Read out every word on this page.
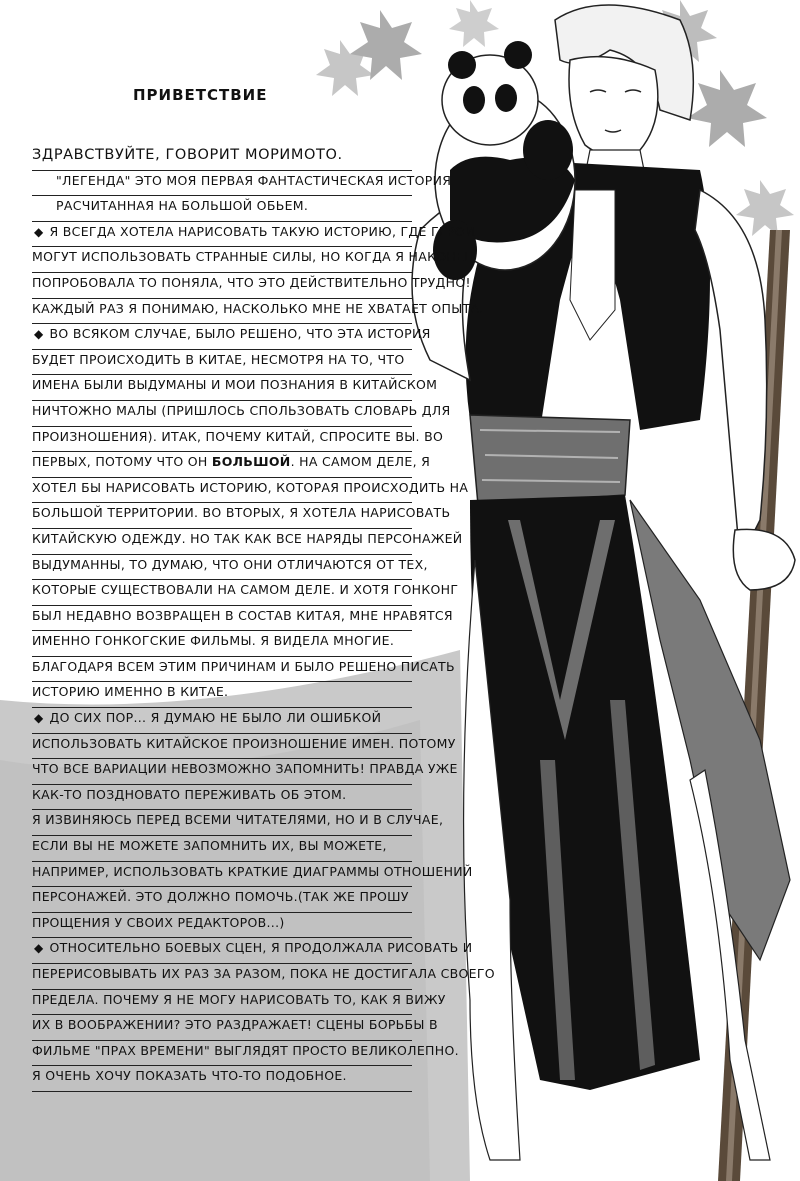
ПРИВЕТСТВИЕ
ЗДРАВСТВУЙТЕ, ГОВОРИТ МОРИМОТО.
"ЛЕГЕНДА" ЭТО МОЯ ПЕРВАЯ ФАНТАСТИЧЕСКАЯ ИСТОРИЯ
РАСЧИТАННАЯ НА БОЛЬШОЙ ОБЬЕМ.
◆ Я ВСЕГДА ХОТЕЛА НАРИСОВАТЬ ТАКУЮ ИСТОРИЮ, ГДЕ ГЕРОИ
МОГУТ ИСПОЛЬЗОВАТЬ СТРАННЫЕ СИЛЫ, НО КОГДА Я НАКОНЕЦ
ПОПРОБОВАЛА ТО ПОНЯЛА, ЧТО ЭТО ДЕЙСТВИТЕЛЬНО ТРУДНО!
КАЖДЫЙ РАЗ Я ПОНИМАЮ, НАСКОЛЬКО МНЕ НЕ ХВАТАЕТ ОПЫТА.
◆ ВО ВСЯКОМ СЛУЧАЕ, БЫЛО РЕШЕНО, ЧТО ЭТА ИСТОРИЯ
БУДЕТ ПРОИСХОДИТЬ В КИТАЕ, НЕСМОТРЯ НА ТО, ЧТО
ИМЕНА БЫЛИ ВЫДУМАНЫ И МОИ ПОЗНАНИЯ В КИТАЙСКОМ
НИЧТОЖНО МАЛЫ (ПРИШЛОСЬ СПОЛЬЗОВАТЬ СЛОВАРЬ ДЛЯ
ПРОИЗНОШЕНИЯ). ИТАК, ПОЧЕМУ КИТАЙ, СПРОСИТЕ ВЫ. ВО
ПЕРВЫХ, ПОТОМУ ЧТО ОН БОЛЬШОЙ. НА САМОМ ДЕЛЕ, Я
ХОТЕЛ БЫ НАРИСОВАТЬ ИСТОРИЮ, КОТОРАЯ ПРОИСХОДИТЬ НА
БОЛЬШОЙ ТЕРРИТОРИИ. ВО ВТОРЫХ, Я ХОТЕЛА НАРИСОВАТЬ
КИТАЙСКУЮ ОДЕЖДУ. НО ТАК КАК ВСЕ НАРЯДЫ ПЕРСОНАЖЕЙ
ВЫДУМАННЫ, ТО ДУМАЮ, ЧТО ОНИ ОТЛИЧАЮТСЯ ОТ ТЕХ,
КОТОРЫЕ СУЩЕСТВОВАЛИ НА САМОМ ДЕЛЕ. И ХОТЯ ГОНКОНГ
БЫЛ НЕДАВНО ВОЗВРАЩЕН В СОСТАВ КИТАЯ, МНЕ НРАВЯТСЯ
ИМЕННО ГОНКОГСКИЕ ФИЛЬМЫ. Я ВИДЕЛА МНОГИЕ.
БЛАГОДАРЯ ВСЕМ ЭТИМ ПРИЧИНАМ И БЫЛО РЕШЕНО ПИСАТЬ
ИСТОРИЮ ИМЕННО В КИТАЕ.
◆ ДО СИХ ПОР... Я ДУМАЮ НЕ БЫЛО ЛИ ОШИБКОЙ
ИСПОЛЬЗОВАТЬ КИТАЙСКОЕ ПРОИЗНОШЕНИЕ ИМЕН. ПОТОМУ
ЧТО ВСЕ ВАРИАЦИИ НЕВОЗМОЖНО ЗАПОМНИТЬ! ПРАВДА УЖЕ
КАК-ТО ПОЗДНОВАТО ПЕРЕЖИВАТЬ ОБ ЭТОМ.
Я ИЗВИНЯЮСЬ ПЕРЕД ВСЕМИ ЧИТАТЕЛЯМИ, НО И В СЛУЧАЕ,
ЕСЛИ ВЫ НЕ МОЖЕТЕ ЗАПОМНИТЬ ИХ, ВЫ МОЖЕТЕ,
НАПРИМЕР, ИСПОЛЬЗОВАТЬ КРАТКИЕ ДИАГРАММЫ ОТНОШЕНИЙ
ПЕРСОНАЖЕЙ. ЭТО ДОЛЖНО ПОМОЧЬ.(ТАК ЖЕ ПРОШУ
ПРОЩЕНИЯ У СВОИХ РЕДАКТОРОВ...)
◆ ОТНОСИТЕЛЬНО БОЕВЫХ СЦЕН, Я ПРОДОЛЖАЛА РИСОВАТЬ И
ПЕРЕРИСОВЫВАТЬ ИХ РАЗ ЗА РАЗОМ, ПОКА НЕ ДОСТИГАЛА СВОЕГО
ПРЕДЕЛА. ПОЧЕМУ Я НЕ МОГУ НАРИСОВАТЬ ТО, КАК Я ВИЖУ
ИХ В ВООБРАЖЕНИИ? ЭТО РАЗДРАЖАЕТ! СЦЕНЫ БОРЬБЫ В
ФИЛЬМЕ "ПРАХ ВРЕМЕНИ" ВЫГЛЯДЯТ ПРОСТО ВЕЛИКОЛЕПНО.
Я ОЧЕНЬ ХОЧУ ПОКАЗАТЬ ЧТО-ТО ПОДОБНОЕ.
